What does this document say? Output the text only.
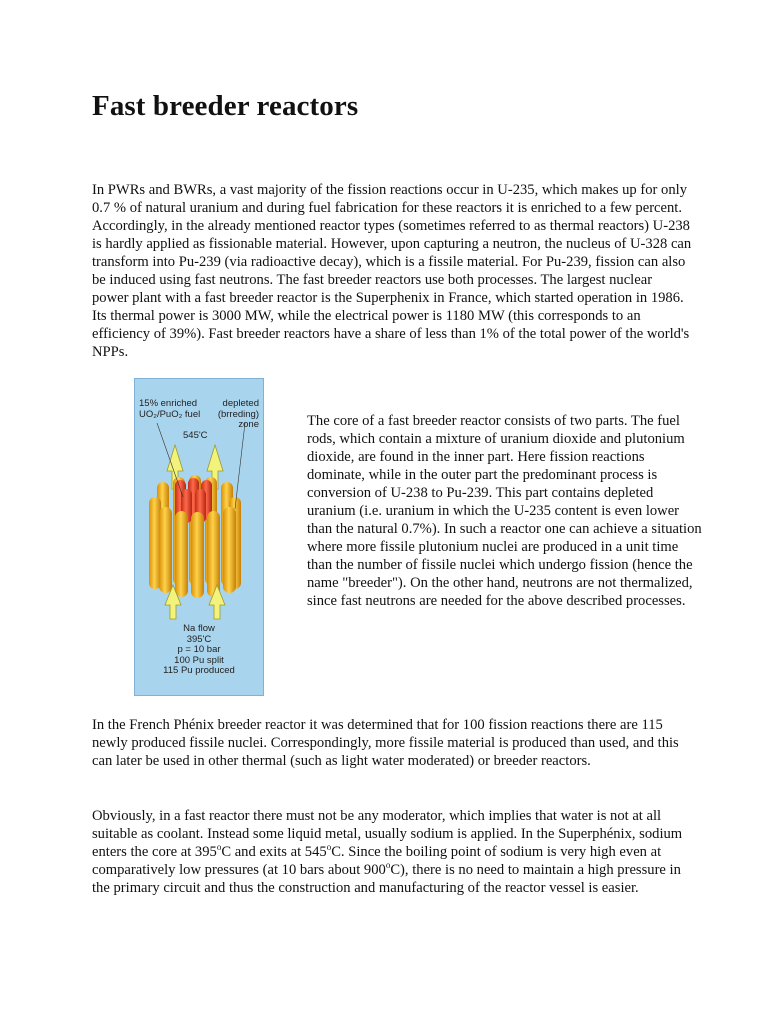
Fast breeder reactors

In PWRs and BWRs, a vast majority of the fission reactions occur in U-235, which makes up for only 0.7 % of natural uranium and during fuel fabrication for these reactors it is enriched to a few percent. Accordingly, in the already mentioned reactor types (sometimes referred to as thermal reactors) U-238 is hardly applied as fissionable material. However, upon capturing a neutron, the nucleus of U-328 can transform into Pu-239 (via radioactive decay), which is a fissile material. For Pu-239, fission can also be induced using fast neutrons. The fast breeder reactors use both processes. The largest nuclear power plant with a fast breeder reactor is the Superphenix in France, which started operation in 1986. Its thermal power is 3000 MW, while the electrical power is 1180 MW (this corresponds to an efficiency of 39%). Fast breeder reactors have a share of less than 1% of the total power of the world's NPPs.

15% enriched
UO₂/PuO₂ fuel

depleted
(brreding)
zone

545'C

Na flow
395'C
p = 10 bar
100 Pu split
115 Pu produced

The core of a fast breeder reactor consists of two parts. The fuel rods, which contain a mixture of uranium dioxide and plutonium dioxide, are found in the inner part. Here fission reactions dominate, while in the outer part the predominant process is conversion of U-238 to Pu-239. This part contains depleted uranium (i.e. uranium in which the U-235 content is even lower than the natural 0.7%). In such a reactor one can achieve a situation where more fissile plutonium nuclei are produced in a unit time than the number of fissile nuclei which undergo fission (hence the name "breeder"). On the other hand, neutrons are not thermalized, since fast neutrons are needed for the above described processes.

In the French Phénix breeder reactor it was determined that for 100 fission reactions there are 115 newly produced fissile nuclei. Correspondingly, more fissile material is produced than used, and this can later be used in other thermal (such as light water moderated) or breeder reactors.

Obviously, in a fast reactor there must not be any moderator, which implies that water is not at all suitable as coolant. Instead some liquid metal, usually sodium is applied. In the Superphénix, sodium enters the core at 395$^o$C and exits at 545$^o$C. Since the boiling point of sodium is very high even at comparatively low pressures (at 10 bars about 900$^o$C), there is no need to maintain a high pressure in the primary circuit and thus the construction and manufacturing of the reactor vessel is easier.
